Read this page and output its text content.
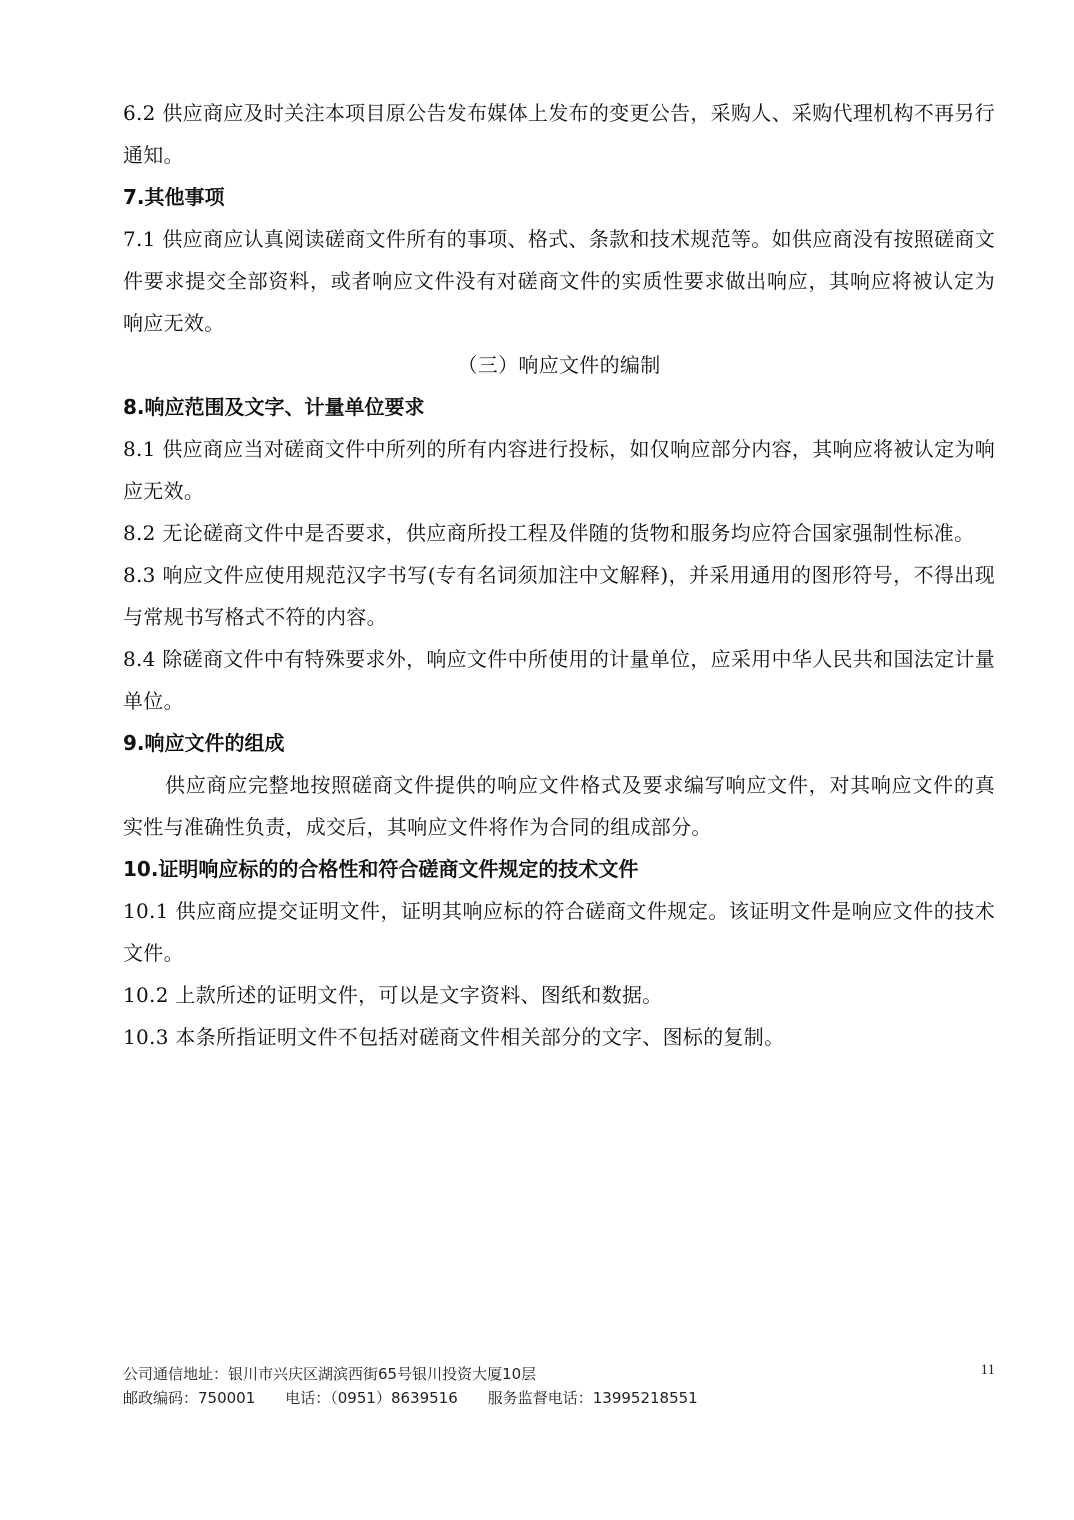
6.2 供应商应及时关注本项目原公告发布媒体上发布的变更公告，采购人、采购代理机构不再另行通知。

7.其他事项

7.1 供应商应认真阅读磋商文件所有的事项、格式、条款和技术规范等。如供应商没有按照磋商文件要求提交全部资料，或者响应文件没有对磋商文件的实质性要求做出响应，其响应将被认定为响应无效。

（三）响应文件的编制

8.响应范围及文字、计量单位要求

8.1 供应商应当对磋商文件中所列的所有内容进行投标，如仅响应部分内容，其响应将被认定为响应无效。

8.2 无论磋商文件中是否要求，供应商所投工程及伴随的货物和服务均应符合国家强制性标准。

8.3 响应文件应使用规范汉字书写(专有名词须加注中文解释)，并采用通用的图形符号，不得出现与常规书写格式不符的内容。

8.4 除磋商文件中有特殊要求外，响应文件中所使用的计量单位，应采用中华人民共和国法定计量单位。

9.响应文件的组成

供应商应完整地按照磋商文件提供的响应文件格式及要求编写响应文件，对其响应文件的真实性与准确性负责，成交后，其响应文件将作为合同的组成部分。

10.证明响应标的的合格性和符合磋商文件规定的技术文件

10.1 供应商应提交证明文件，证明其响应标的符合磋商文件规定。该证明文件是响应文件的技术文件。

10.2 上款所述的证明文件，可以是文字资料、图纸和数据。

10.3 本条所指证明文件不包括对磋商文件相关部分的文字、图标的复制。

公司通信地址：银川市兴庆区湖滨西街65号银川投资大厦10层
邮政编码：750001 电话：（0951）8639516 服务监督电话：13995218551
11
